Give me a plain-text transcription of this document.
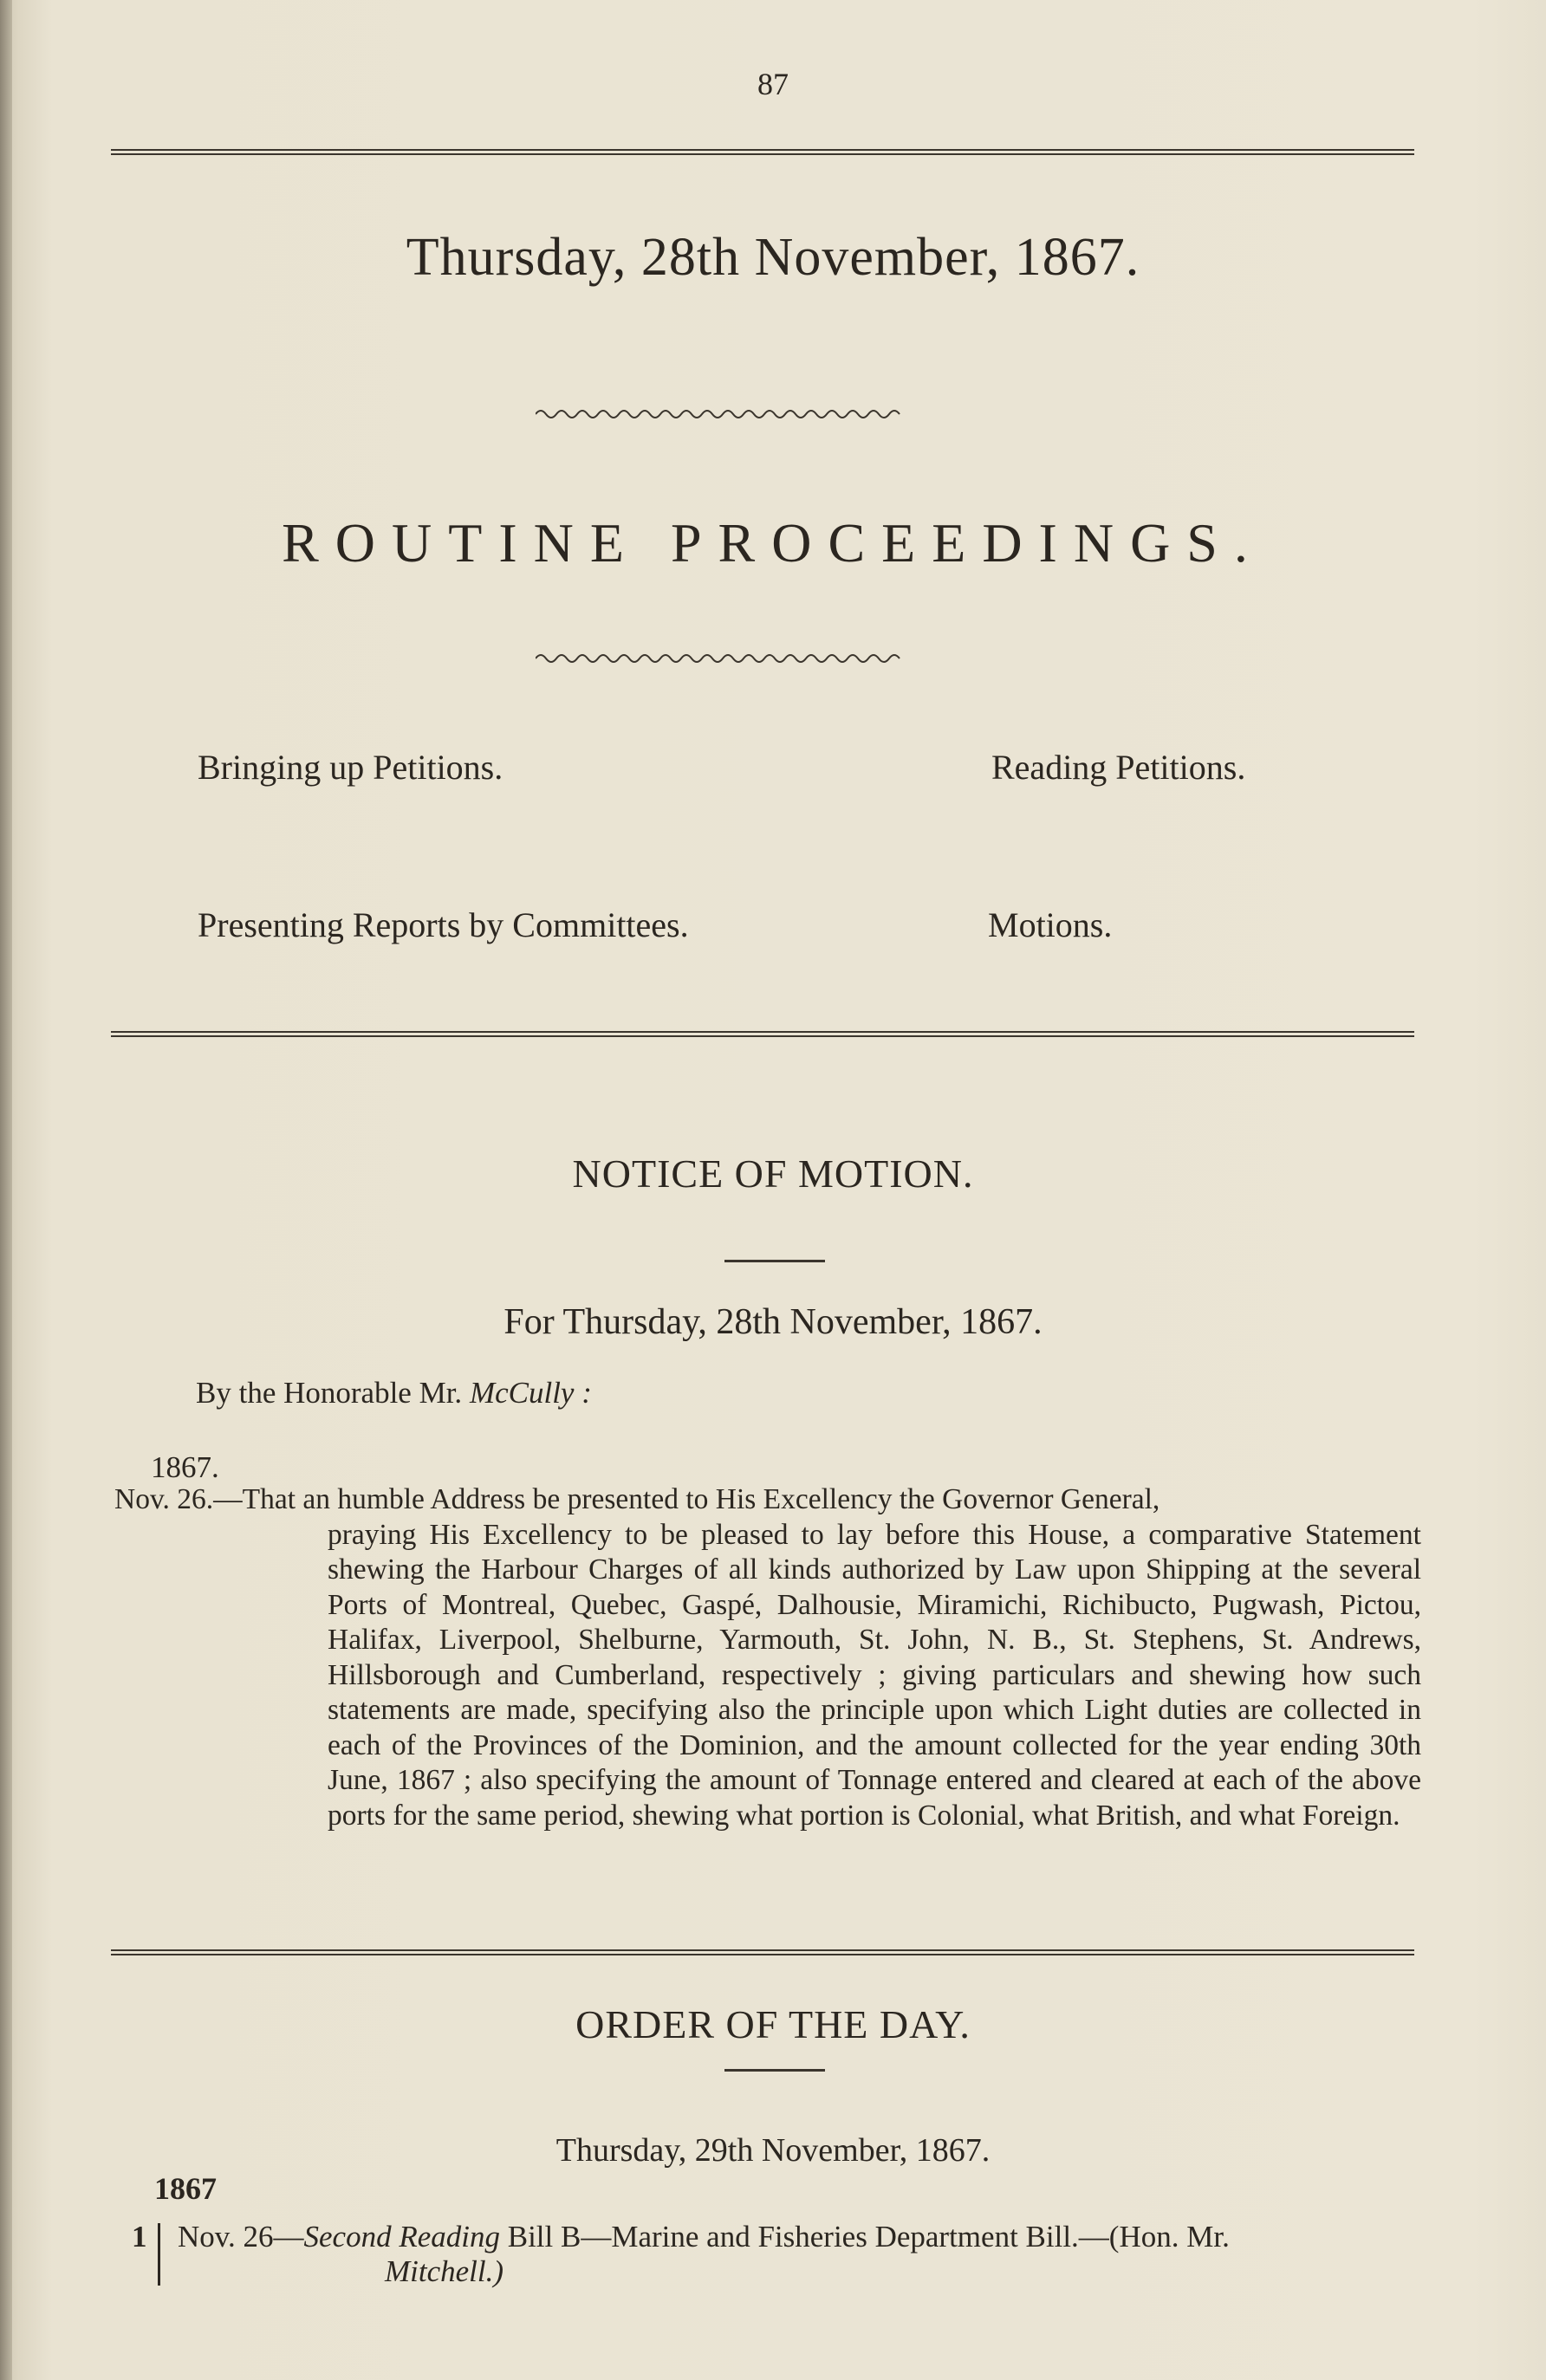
87
Thursday, 28th November, 1867.
ROUTINE PROCEEDINGS.
Bringing up Petitions.	Reading Petitions.
Presenting Reports by Committees.	Motions.
NOTICE OF MOTION.
For Thursday, 28th November, 1867.
By the Honorable Mr. McCully :
1867.
Nov. 26.—That an humble Address be presented to His Excellency the Governor General,
praying His Excellency to be pleased to lay before this House, a comparative Statement shewing the Harbour Charges of all kinds authorized by Law upon Shipping at the several Ports of Montreal, Quebec, Gaspé, Dalhousie, Miramichi, Richibucto, Pugwash, Pictou, Halifax, Liverpool, Shelburne, Yarmouth, St. John, N. B., St. Stephens, St. Andrews, Hillsborough and Cumberland, respectively ; giving particulars and shewing how such statements are made, specifying also the principle upon which Light duties are collected in each of the Provinces of the Dominion, and the amount collected for the year ending 30th June, 1867 ; also specifying the amount of Tonnage entered and cleared at each of the above ports for the same period, shewing what portion is Colonial, what British, and what Foreign.
ORDER OF THE DAY.
Thursday, 29th November, 1867.
1867
1 Nov. 26—Second Reading Bill B—Marine and Fisheries Department Bill.—(Hon. Mr.
Mitchell.)
